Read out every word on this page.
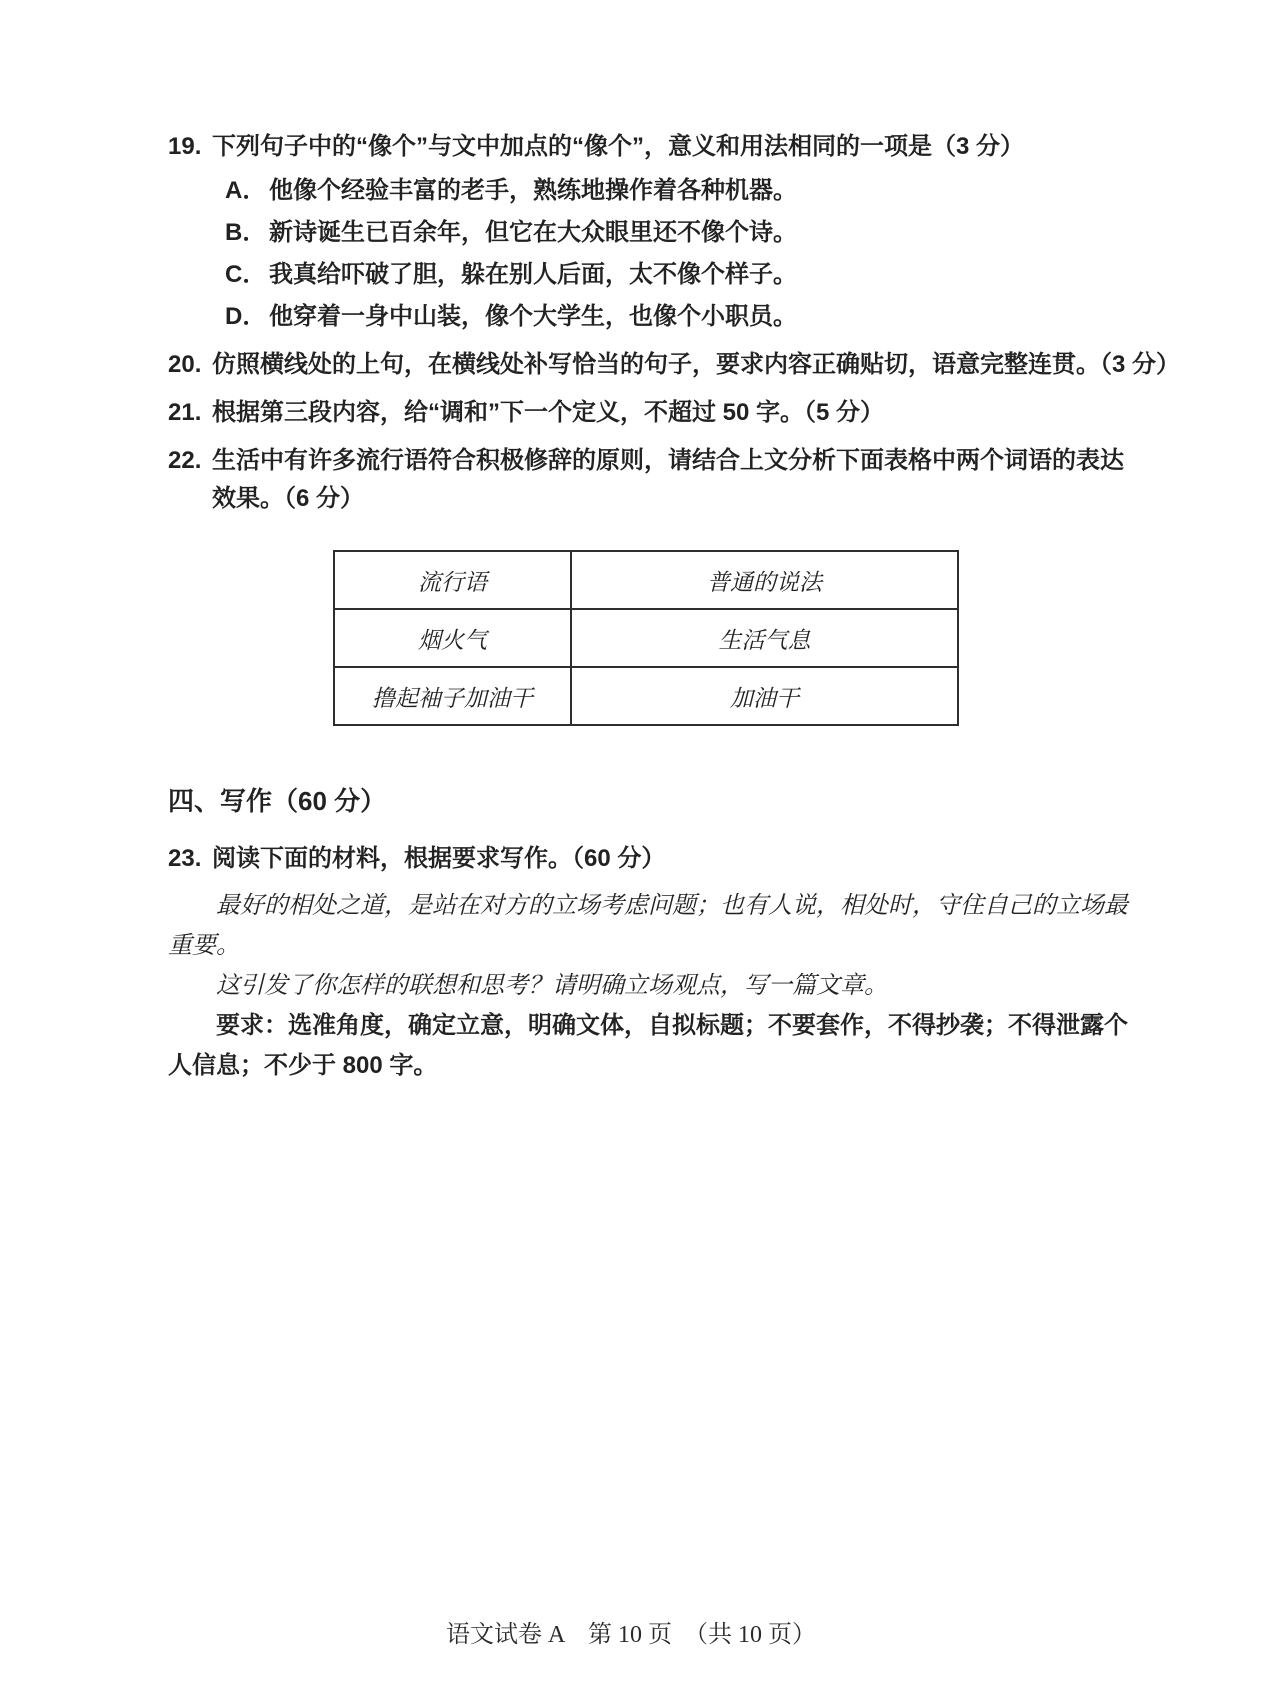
19. 下列句子中的“像个”与文中加点的“像个”，意义和用法相同的一项是（3 分）
A． 他像个经验丰富的老手，熟练地操作着各种机器。
B． 新诗诞生已百余年，但它在大众眼里还不像个诗。
C． 我真给吓破了胆，躲在别人后面，太不像个样子。
D． 他穿着一身中山装，像个大学生，也像个小职员。
20. 仿照横线处的上句，在横线处补写恰当的句子，要求内容正确贴切，语意完整连贯。（3 分）
21. 根据第三段内容，给“调和”下一个定义，不超过 50 字。（5 分）
22. 生活中有许多流行语符合积极修辞的原则，请结合上文分析下面表格中两个词语的表达
效果。（6 分）
流行语	普通的说法
烟火气	生活气息
撸起袖子加油干	加油干
四、写作（60 分）
23. 阅读下面的材料，根据要求写作。（60 分）
最好的相处之道，是站在对方的立场考虑问题；也有人说，相处时，守住自己的立场最
重要。
这引发了你怎样的联想和思考？请明确立场观点，写一篇文章。
要求：选准角度，确定立意，明确文体，自拟标题；不要套作，不得抄袭；不得泄露个
人信息；不少于 800 字。
语文试卷 A　第 10 页　（共 10 页）
